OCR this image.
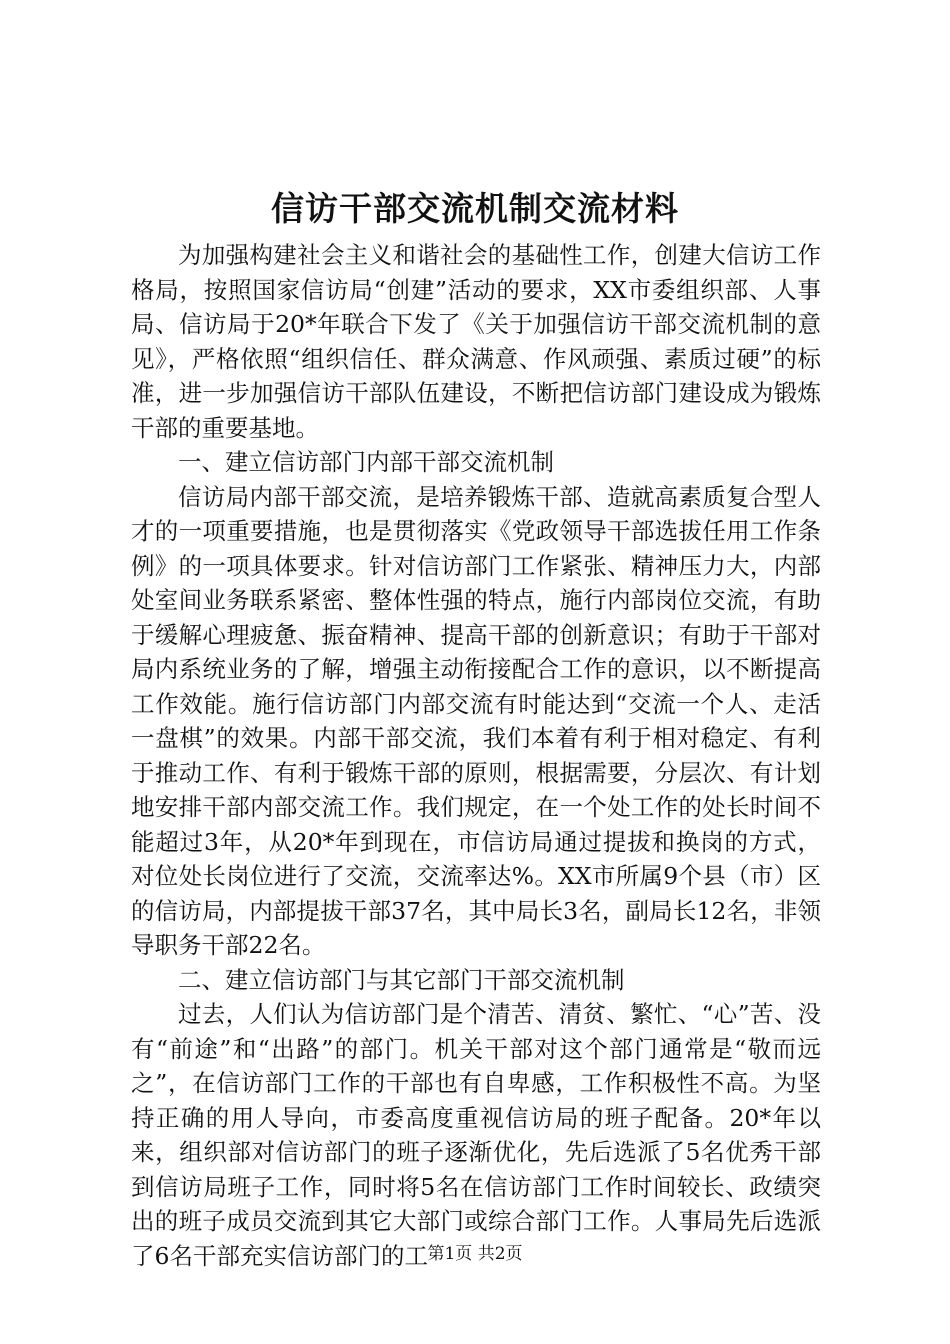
信访干部交流机制交流材料

为加强构建社会主义和谐社会的基础性工作，创建大信访工作格局，按照国家信访局“创建”活动的要求，XX市委组织部、人事局、信访局于20*年联合下发了《关于加强信访干部交流机制的意见》，严格依照“组织信任、群众满意、作风顽强、素质过硬”的标准，进一步加强信访干部队伍建设，不断把信访部门建设成为锻炼干部的重要基地。

一、建立信访部门内部干部交流机制

信访局内部干部交流，是培养锻炼干部、造就高素质复合型人才的一项重要措施，也是贯彻落实《党政领导干部选拔任用工作条例》的一项具体要求。针对信访部门工作紧张、精神压力大，内部处室间业务联系紧密、整体性强的特点，施行内部岗位交流，有助于缓解心理疲惫、振奋精神、提高干部的创新意识；有助于干部对局内系统业务的了解，增强主动衔接配合工作的意识，以不断提高工作效能。施行信访部门内部交流有时能达到“交流一个人、走活一盘棋”的效果。内部干部交流，我们本着有利于相对稳定、有利于推动工作、有利于锻炼干部的原则，根据需要，分层次、有计划地安排干部内部交流工作。我们规定，在一个处工作的处长时间不能超过3年，从20*年到现在，市信访局通过提拔和换岗的方式，对位处长岗位进行了交流，交流率达%。XX市所属9个县（市）区的信访局，内部提拔干部37名，其中局长3名，副局长12名，非领导职务干部22名。

二、建立信访部门与其它部门干部交流机制

过去，人们认为信访部门是个清苦、清贫、繁忙、“心”苦、没有“前途”和“出路”的部门。机关干部对这个部门通常是“敬而远之”，在信访部门工作的干部也有自卑感，工作积极性不高。为坚持正确的用人导向，市委高度重视信访局的班子配备。20*年以来，组织部对信访部门的班子逐渐优化，先后选派了5名优秀干部到信访局班子工作，同时将5名在信访部门工作时间较长、政绩突出的班子成员交流到其它大部门或综合部门工作。人事局先后选派了6名干部充实信访部门的工 第1页 共2页
